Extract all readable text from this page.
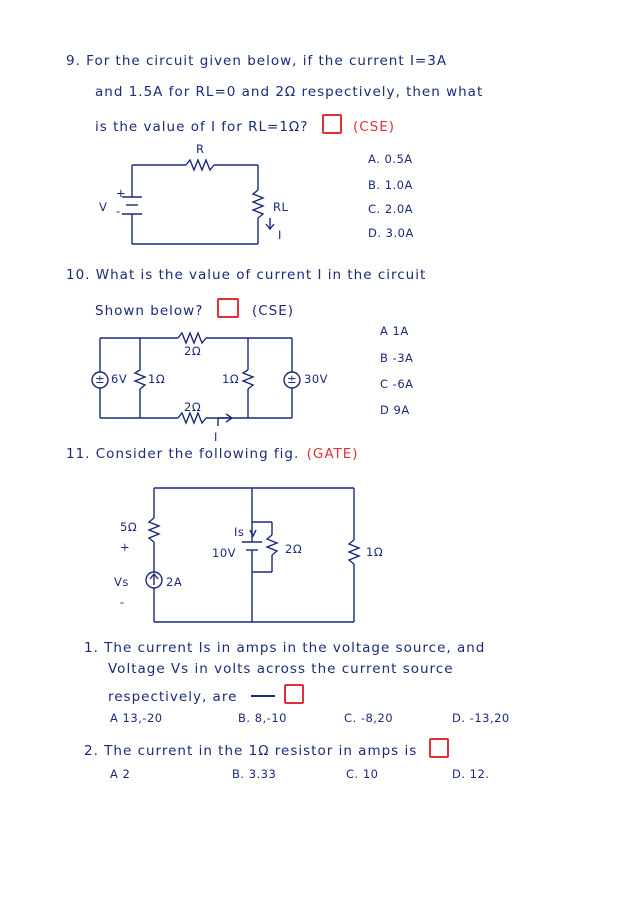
9. For the circuit given below, if the current I=3A
and 1.5A for RL=0 and 2Ω respectively, then what
is the value of I for RL=1Ω?	(CSE)
R
V
+
-	RL
I
A. 0.5A
B. 1.0A
C. 2.0A
D. 3.0A
10. What is the value of current I in the circuit
Shown below?	(CSE)
2Ω
± 6V 1Ω	1Ω	± 30V
2Ω
I
A 1A
B -3A
C -6A
D 9A
11. Consider the following fig. (GATE)
5Ω
+
Vs
-
2A
Is
10V	2Ω	1Ω
1. The current Is in amps in the voltage source, and
Voltage Vs in volts across the current source
respectively, are
A 13,-20	B. 8,-10	C. -8,20	D. -13,20
2. The current in the 1Ω resistor in amps is
A 2	B. 3.33	C. 10	D. 12.
